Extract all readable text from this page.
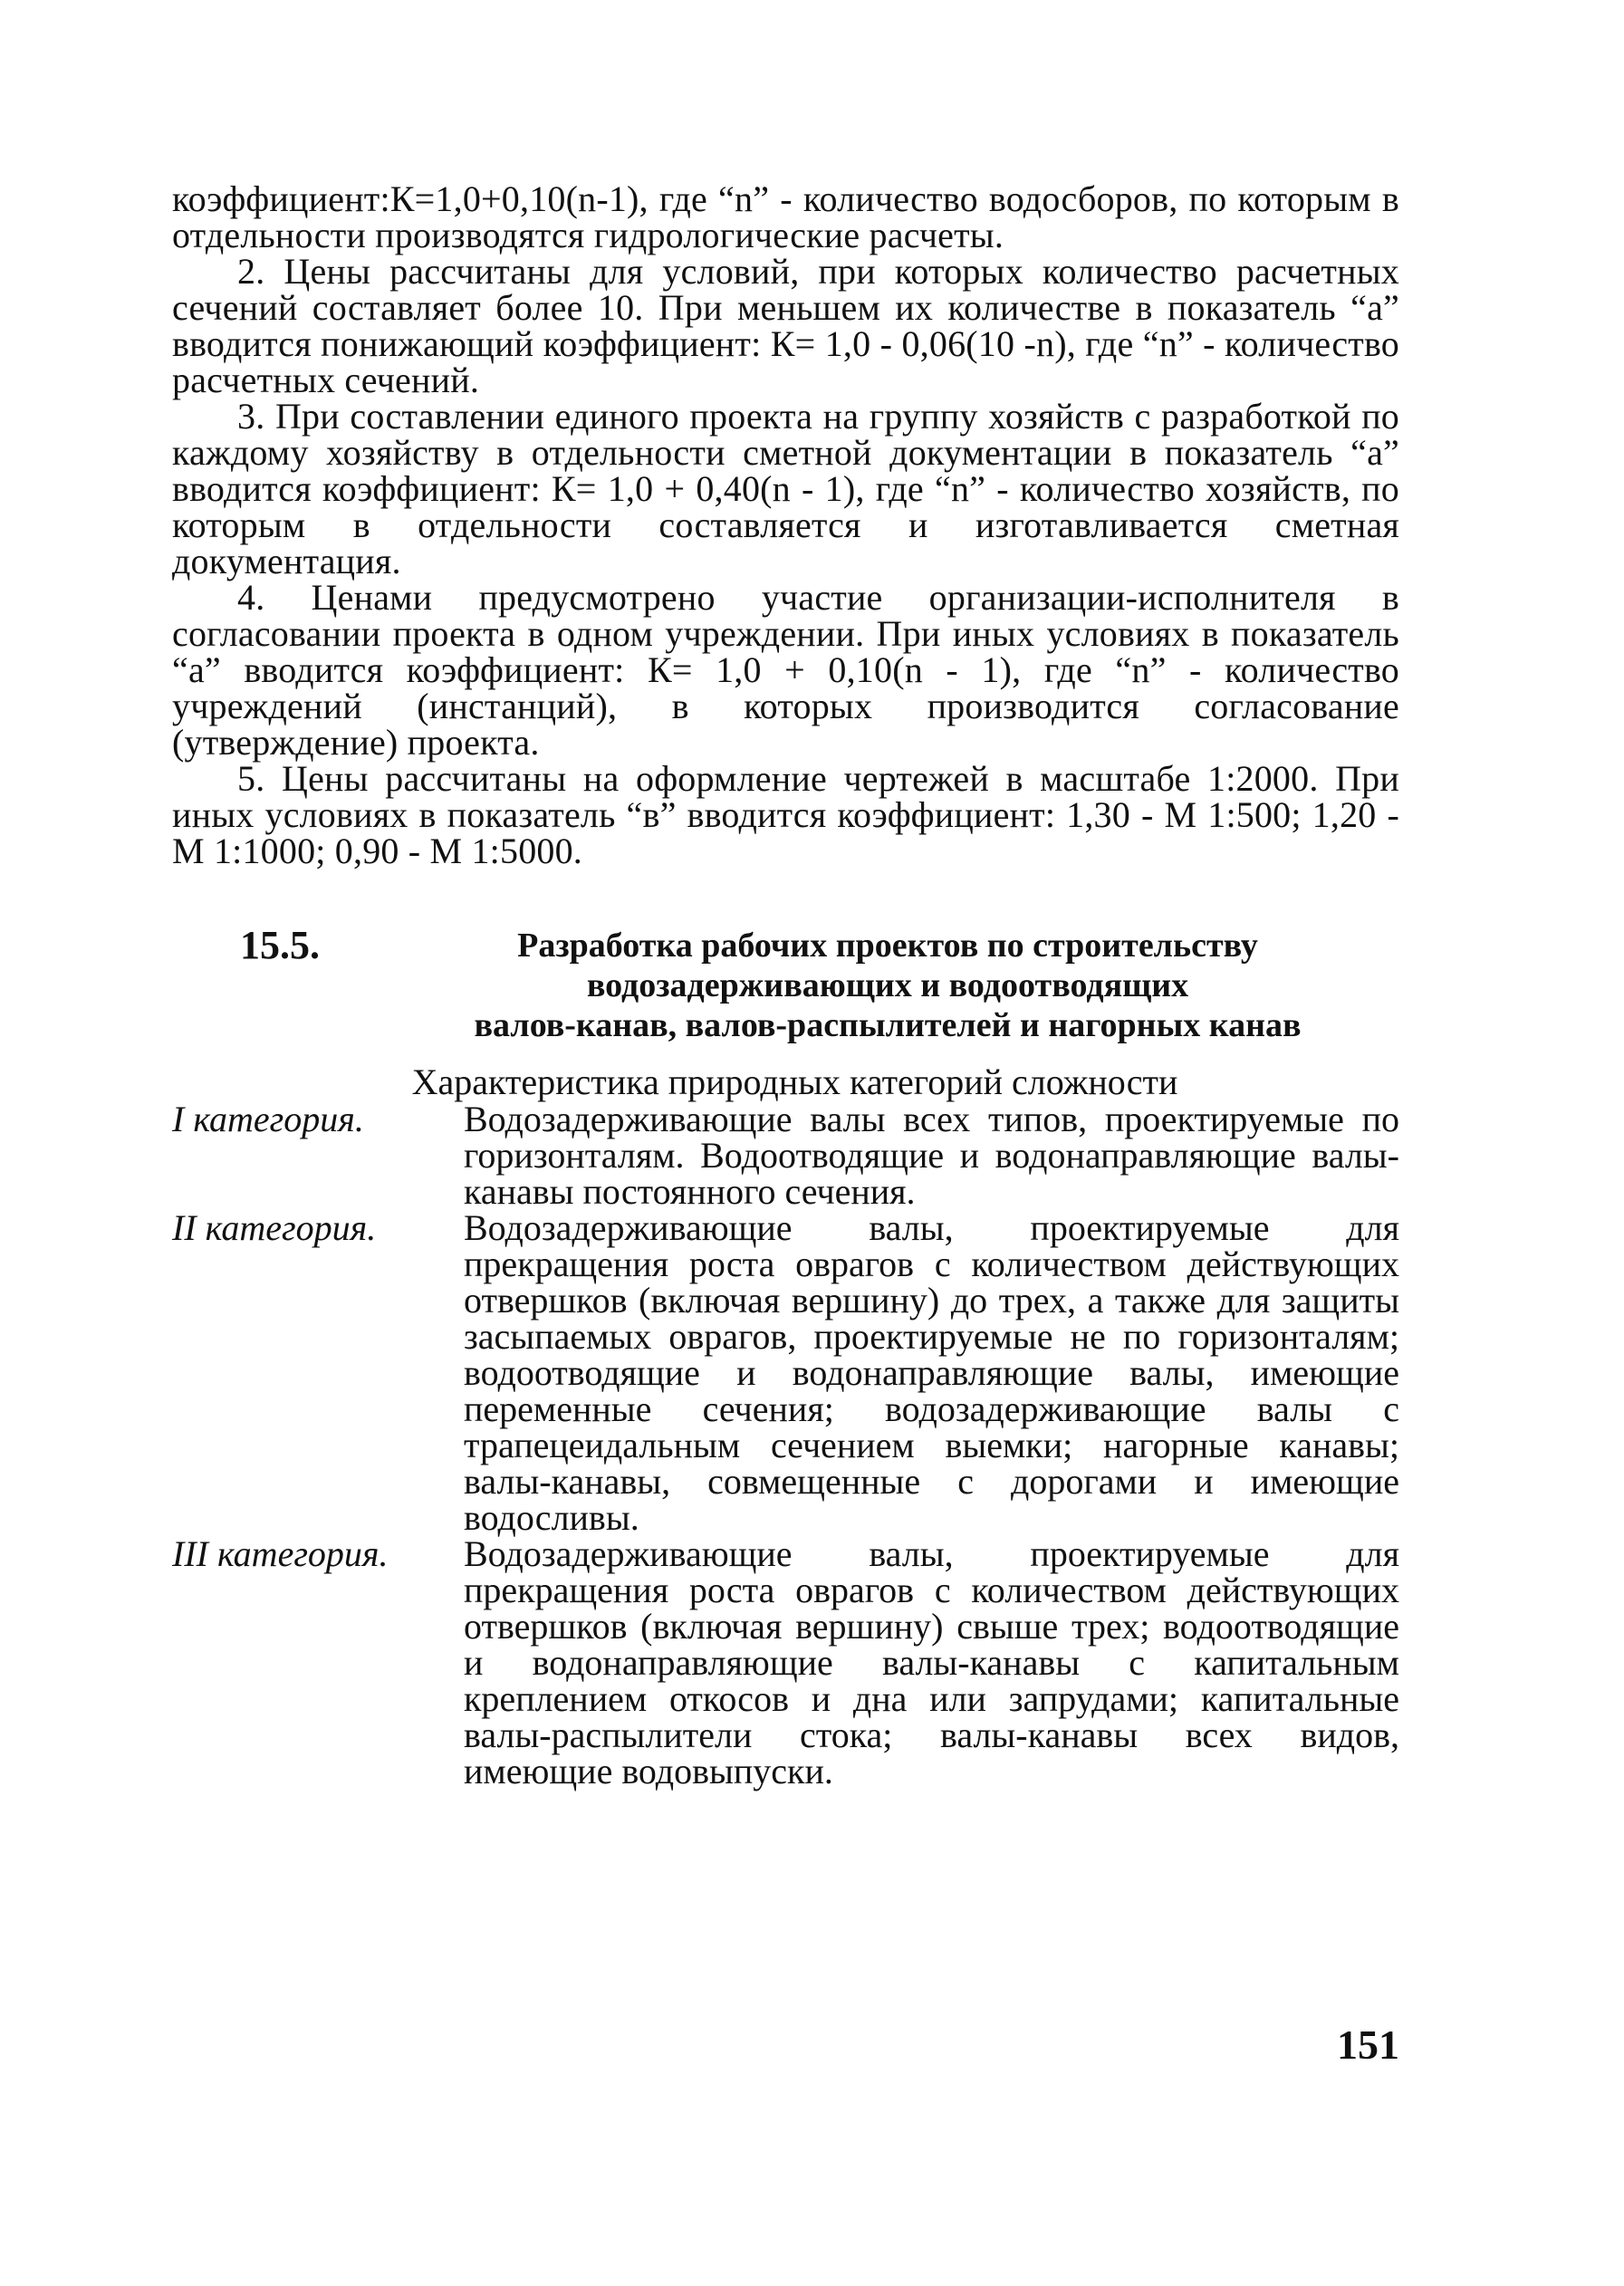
коэффициент:К=1,0+0,10(n-1), где “n” - количество водосборов, по которым в отдельности производятся гидрологические расчеты.

2. Цены рассчитаны для условий, при которых количество расчетных сечений составляет более 10. При меньшем их количестве в показатель “а” вводится понижающий коэффициент: К= 1,0 - 0,06(10 -n), где “n” - количество расчетных сечений.

3. При составлении единого проекта на группу хозяйств с разработкой по каждому хозяйству в отдельности сметной документации в показатель “а” вводится коэффициент: К= 1,0 + 0,40(n - 1), где “n” - количество хозяйств, по которым в отдельности составляется и изготавливается сметная документация.

4. Ценами предусмотрено участие организации-исполнителя в согласовании проекта в одном учреждении. При иных условиях в показатель “а” вводится коэффициент: К= 1,0 + 0,10(n - 1), где “n” - количество учреждений (инстанций), в которых производится согласование (утверждение) проекта.

5. Цены рассчитаны на оформление чертежей в масштабе 1:2000. При иных условиях в показатель “в” вводится коэффициент: 1,30 - М 1:500; 1,20 - М 1:1000; 0,90 - М 1:5000.

15.5.	Разработка рабочих проектов по строительству
водозадерживающих и водоотводящих
валов-канав, валов-распылителей и нагорных канав

Характеристика природных категорий сложности

I категория.	Водозадерживающие валы всех типов, проектируемые по горизонталям. Водоотводящие и водонаправляющие валы-канавы постоянного сечения.
II категория.	Водозадерживающие валы, проектируемые для прекращения роста оврагов с количеством действующих отвершков (включая вершину) до трех, а также для защиты засыпаемых оврагов, проектируемые не по горизонталям; водоотводящие и водонаправляющие валы, имеющие переменные сечения; водозадерживающие валы с трапецеидальным сечением выемки; нагорные канавы; валы-канавы, совмещенные с дорогами и имеющие водосливы.
III категория.	Водозадерживающие валы, проектируемые для прекращения роста оврагов с количеством действующих отвершков (включая вершину) свыше трех; водоотводящие и водонаправляющие валы-канавы с капитальным креплением откосов и дна или запрудами; капитальные валы-распылители стока; валы-канавы всех видов, имеющие водовыпуски.
151
